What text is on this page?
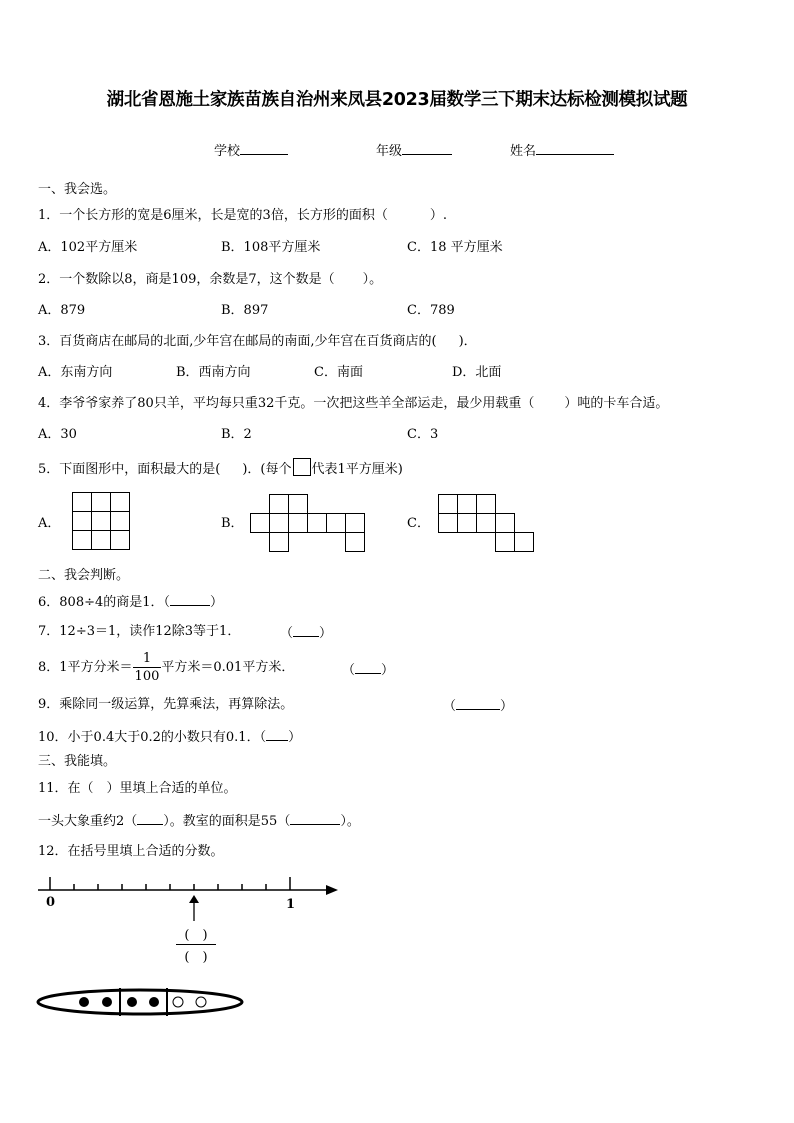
湖北省恩施土家族苗族自治州来凤县2023届数学三下期末达标检测模拟试题
学校	年级	姓名
一、我会选。
1．一个长方形的宽是6厘米，长是宽的3倍，长方形的面积（	）.
A．102平方厘米	B．108平方厘米	C．18 平方厘米
2．一个数除以8，商是109，余数是7，这个数是（ ）。
A．879	B．897	C．789
3．百货商店在邮局的北面,少年宫在邮局的南面,少年宫在百货商店的( )．
A．东南方向	B．西南方向	C．南面	D．北面
4．李爷爷家养了80只羊，平均每只重32千克。一次把这些羊全部运走，最少用载重（ ）吨的卡车合适。
A．30	B．2	C．3
5．下面图形中，面积最大的是( )．(每个 代表1平方厘米)
A．	B．	C．
二、我会判断。
6．808÷4的商是1．（	）
7．12÷3＝1，读作12除3等于1．	（ ）
8．1平方分米＝ $\frac{1}{100}$ 平方米＝0.01平方米．	（ ）
9．乘除同一级运算，先算乘法，再算除法。	（	）
10．小于0.4大于0.2的小数只有0.1．（ ）
三、我能填。
11．在（　）里填上合适的单位。
一头大象重约2（ ）。教室的面积是55（	）。
12．在括号里填上合适的分数。
0	1
(　)
(　)
